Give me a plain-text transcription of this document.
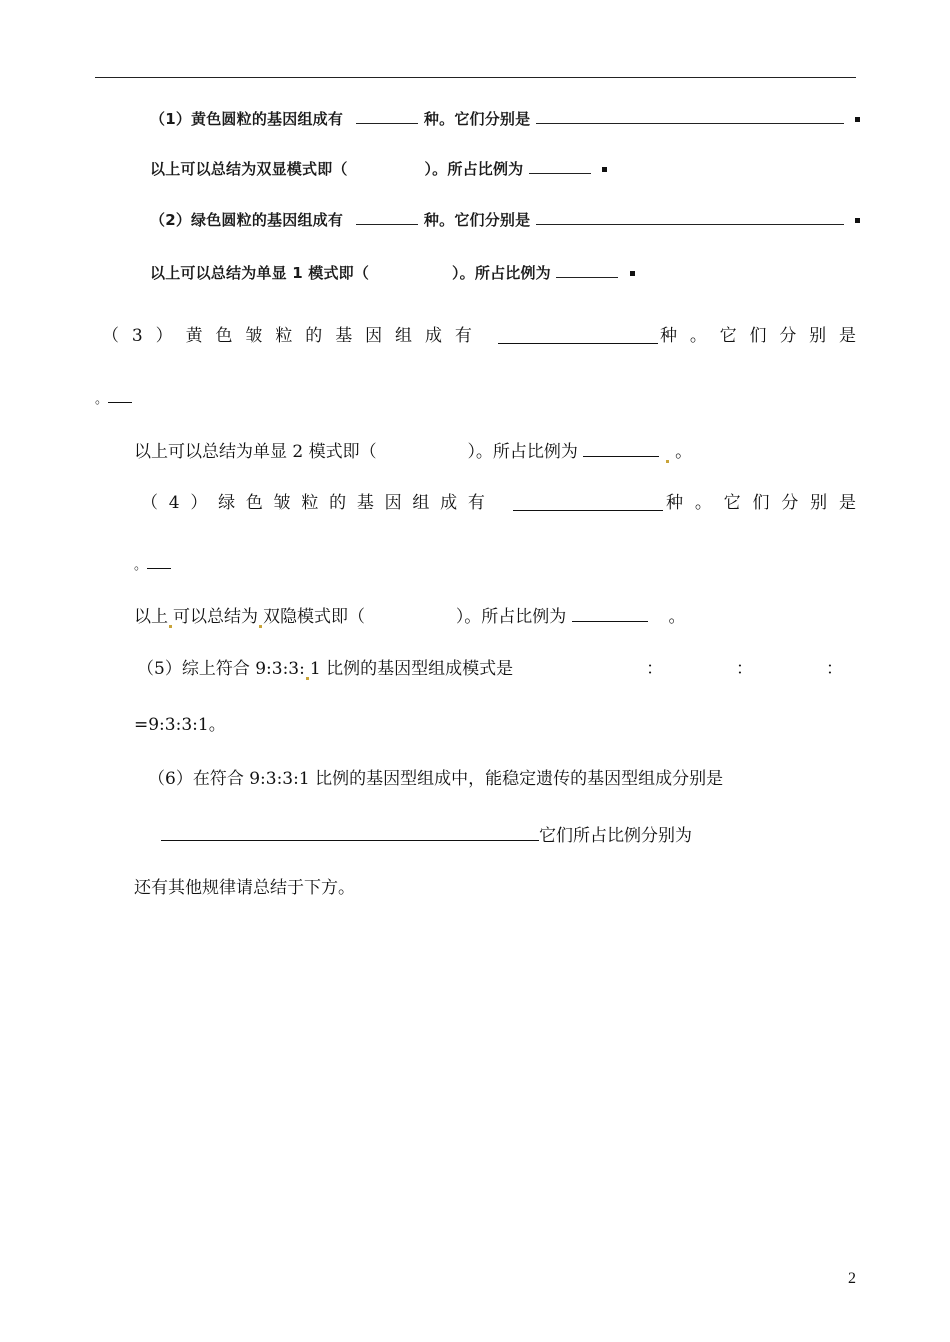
（1）黄色圆粒的基因组成有	种。它们分别是
以上可以总结为双显模式即（	）。所占比例为
（2）绿色圆粒的基因组成有	种。它们分别是
以上可以总结为单显 1 模式即（	）。所占比例为
（ 3 ） 黄 色 皱 粒 的 基 因 组 成 有	种 。 它 们 分 别 是
。
以上可以总结为单显 2 模式即（	）。所占比例为	。
（ 4 ） 绿 色 皱 粒 的 基 因 组 成 有	种 。 它 们 分 别 是
。
以上 可以总结为 双隐模式即（	）。所占比例为	。
（5）综上符合 9:3:3: 1 比例的基因型组成模式是	：	：	：
=9:3:3:1。
（6）在符合 9:3:3:1 比例的基因型组成中，能稳定遗传的基因型组成分别是
它们所占比例分别为
还有其他规律请总结于下方。
2
